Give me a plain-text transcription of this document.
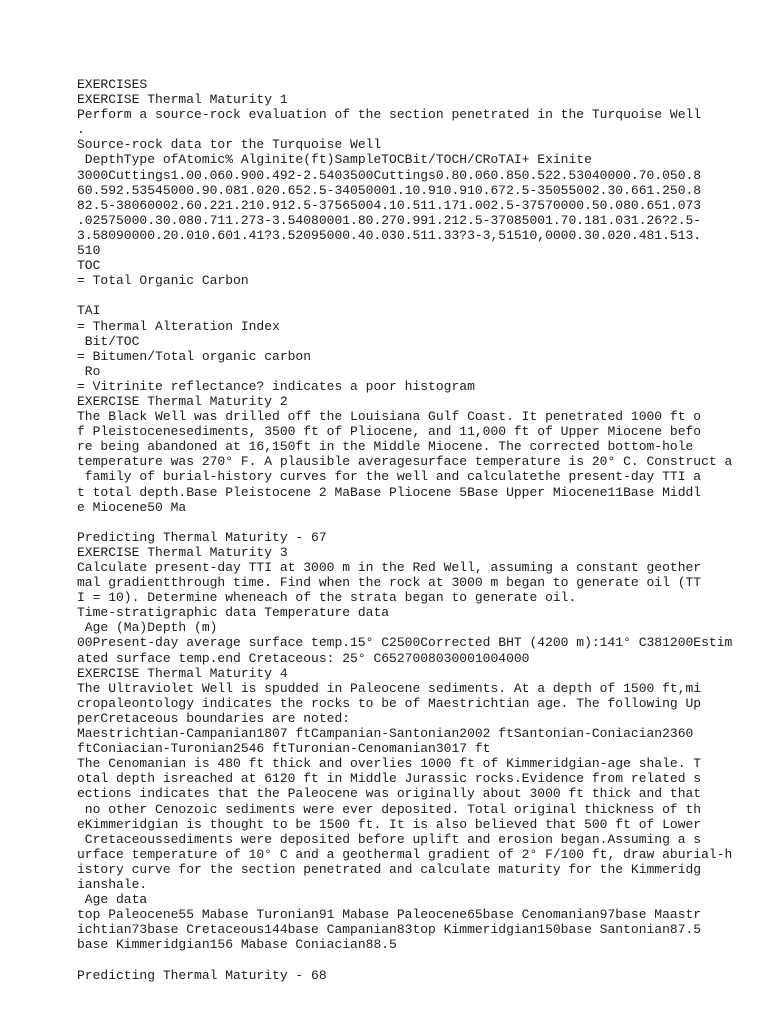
EXERCISES
EXERCISE Thermal Maturity 1
Perform a source-rock evaluation of the section penetrated in the Turquoise Well
.
Source-rock data tor the Turquoise Well
DepthType ofAtomic% Alginite(ft)SampleTOCBit/TOCH/CRoTAI+ Exinite
3000Cuttings1.00.060.900.492-2.5403500Cuttings0.80.060.850.522.53040000.70.050.8
60.592.53545000.90.081.020.652.5-34050001.10.910.910.672.5-35055002.30.661.250.8
82.5-38060002.60.221.210.912.5-37565004.10.511.171.002.5-37570000.50.080.651.073
.02575000.30.080.711.273-3.54080001.80.270.991.212.5-37085001.70.181.031.26?2.5-
3.58090000.20.010.601.41?3.52095000.40.030.511.33?3-3,51510,0000.30.020.481.513.
510
TOC
= Total Organic Carbon
TAI
= Thermal Alteration Index
Bit/TOC
= Bitumen/Total organic carbon
Ro
= Vitrinite reflectance? indicates a poor histogram
EXERCISE Thermal Maturity 2
The Black Well was drilled off the Louisiana Gulf Coast. It penetrated 1000 ft o
f Pleistocenesediments, 3500 ft of Pliocene, and 11,000 ft of Upper Miocene befo
re being abandoned at 16,150ft in the Middle Miocene. The corrected bottom-hole
temperature was 270° F. A plausible averagesurface temperature is 20° C. Construct a
family of burial-history curves for the well and calculatethe present-day TTI a
t total depth.Base Pleistocene 2 MaBase Pliocene 5Base Upper Miocene11Base Middl
e Miocene50 Ma
Predicting Thermal Maturity - 67
EXERCISE Thermal Maturity 3
Calculate present-day TTI at 3000 m in the Red Well, assuming a constant geother
mal gradientthrough time. Find when the rock at 3000 m began to generate oil (TT
I = 10). Determine wheneach of the strata began to generate oil.
Time-stratigraphic data Temperature data
Age (Ma)Depth (m)
00Present-day average surface temp.15° C2500Corrected BHT (4200 m):141° C381200Estim
ated surface temp.end Cretaceous: 25° C6527008030001004000
EXERCISE Thermal Maturity 4
The Ultraviolet Well is spudded in Paleocene sediments. At a depth of 1500 ft,mi
cropaleontology indicates the rocks to be of Maestrichtian age. The following Up
perCretaceous boundaries are noted:
Maestrichtian-Campanian1807 ftCampanian-Santonian2002 ftSantonian-Coniacian2360
ftConiacian-Turonian2546 ftTuronian-Cenomanian3017 ft
The Cenomanian is 480 ft thick and overlies 1000 ft of Kimmeridgian-age shale. T
otal depth isreached at 6120 ft in Middle Jurassic rocks.Evidence from related s
ections indicates that the Paleocene was originally about 3000 ft thick and that
no other Cenozoic sediments were ever deposited. Total original thickness of th
eKimmeridgian is thought to be 1500 ft. It is also believed that 500 ft of Lower
Cretaceoussediments were deposited before uplift and erosion began.Assuming a s
urface temperature of 10° C and a geothermal gradient of 2° F/100 ft, draw aburial-h
istory curve for the section penetrated and calculate maturity for the Kimmeridg
ianshale.
Age data
top Paleocene55 Mabase Turonian91 Mabase Paleocene65base Cenomanian97base Maastr
ichtian73base Cretaceous144base Campanian83top Kimmeridgian150base Santonian87.5
base Kimmeridgian156 Mabase Coniacian88.5
Predicting Thermal Maturity - 68
